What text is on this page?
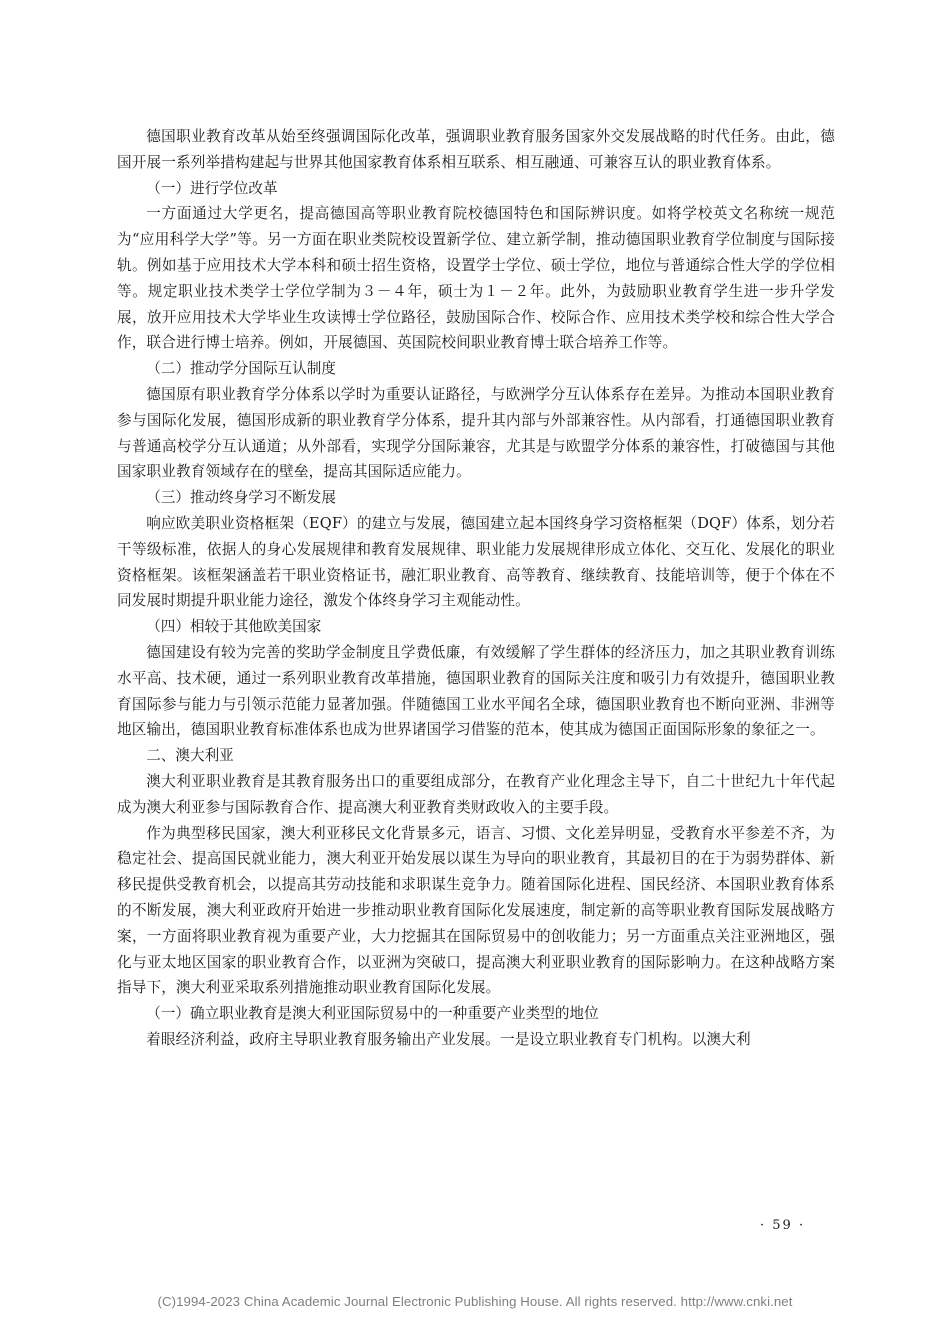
德国职业教育改革从始至终强调国际化改革，强调职业教育服务国家外交发展战略的时代任务。由此，德国开展一系列举措构建起与世界其他国家教育体系相互联系、相互融通、可兼容互认的职业教育体系。

（一）进行学位改革

一方面通过大学更名，提高德国高等职业教育院校德国特色和国际辨识度。如将学校英文名称统一规范为“应用科学大学”等。另一方面在职业类院校设置新学位、建立新学制，推动德国职业教育学位制度与国际接轨。例如基于应用技术大学本科和硕士招生资格，设置学士学位、硕士学位，地位与普通综合性大学的学位相等。规定职业技术类学士学位学制为３－４年，硕士为１－２年。此外，为鼓励职业教育学生进一步升学发展，放开应用技术大学毕业生攻读博士学位路径，鼓励国际合作、校际合作、应用技术类学校和综合性大学合作，联合进行博士培养。例如，开展德国、英国院校间职业教育博士联合培养工作等。

（二）推动学分国际互认制度

德国原有职业教育学分体系以学时为重要认证路径，与欧洲学分互认体系存在差异。为推动本国职业教育参与国际化发展，德国形成新的职业教育学分体系，提升其内部与外部兼容性。从内部看，打通德国职业教育与普通高校学分互认通道；从外部看，实现学分国际兼容，尤其是与欧盟学分体系的兼容性，打破德国与其他国家职业教育领域存在的壁垒，提高其国际适应能力。

（三）推动终身学习不断发展

响应欧美职业资格框架（EQF）的建立与发展，德国建立起本国终身学习资格框架（DQF）体系，划分若干等级标准，依据人的身心发展规律和教育发展规律、职业能力发展规律形成立体化、交互化、发展化的职业资格框架。该框架涵盖若干职业资格证书，融汇职业教育、高等教育、继续教育、技能培训等，便于个体在不同发展时期提升职业能力途径，激发个体终身学习主观能动性。

（四）相较于其他欧美国家

德国建设有较为完善的奖助学金制度且学费低廉，有效缓解了学生群体的经济压力，加之其职业教育训练水平高、技术硬，通过一系列职业教育改革措施，德国职业教育的国际关注度和吸引力有效提升，德国职业教育国际参与能力与引领示范能力显著加强。伴随德国工业水平闻名全球，德国职业教育也不断向亚洲、非洲等地区输出，德国职业教育标准体系也成为世界诸国学习借鉴的范本，使其成为德国正面国际形象的象征之一。

二、澳大利亚

澳大利亚职业教育是其教育服务出口的重要组成部分，在教育产业化理念主导下，自二十世纪九十年代起成为澳大利亚参与国际教育合作、提高澳大利亚教育类财政收入的主要手段。

作为典型移民国家，澳大利亚移民文化背景多元，语言、习惯、文化差异明显，受教育水平参差不齐，为稳定社会、提高国民就业能力，澳大利亚开始发展以谋生为导向的职业教育，其最初目的在于为弱势群体、新移民提供受教育机会，以提高其劳动技能和求职谋生竞争力。随着国际化进程、国民经济、本国职业教育体系的不断发展，澳大利亚政府开始进一步推动职业教育国际化发展速度，制定新的高等职业教育国际发展战略方案，一方面将职业教育视为重要产业，大力挖掘其在国际贸易中的创收能力；另一方面重点关注亚洲地区，强化与亚太地区国家的职业教育合作，以亚洲为突破口，提高澳大利亚职业教育的国际影响力。在这种战略方案指导下，澳大利亚采取系列措施推动职业教育国际化发展。

（一）确立职业教育是澳大利亚国际贸易中的一种重要产业类型的地位

着眼经济利益，政府主导职业教育服务输出产业发展。一是设立职业教育专门机构。以澳大利

· 59 ·
(C)1994-2023 China Academic Journal Electronic Publishing House. All rights reserved. http://www.cnki.net
